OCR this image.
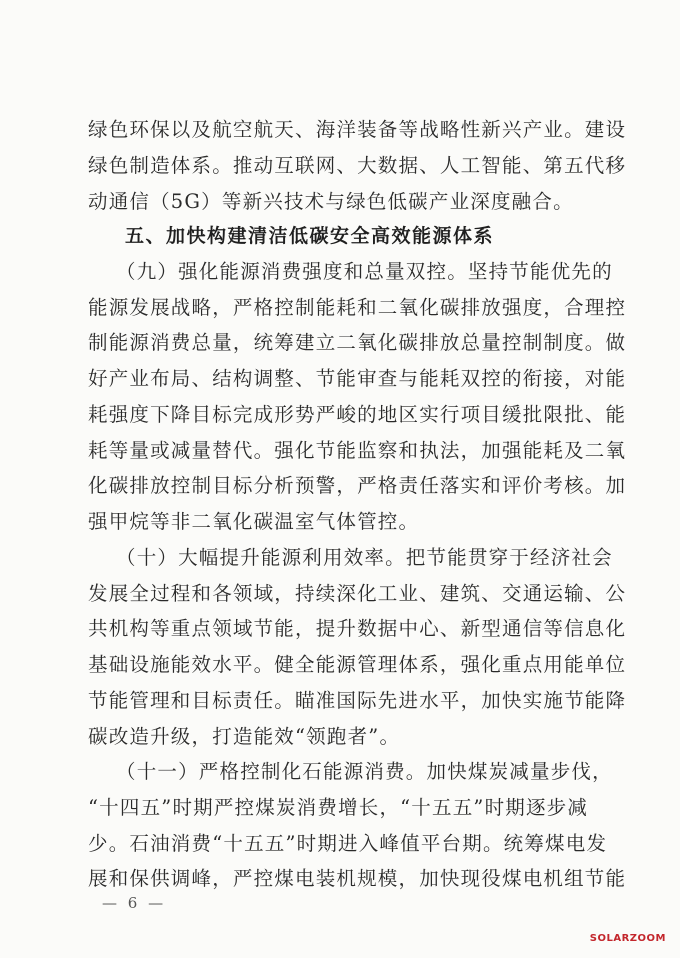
绿色环保以及航空航天、海洋装备等战略性新兴产业。建设
绿色制造体系。推动互联网、大数据、人工智能、第五代移
动通信（5G）等新兴技术与绿色低碳产业深度融合。
五、加快构建清洁低碳安全高效能源体系
（九）强化能源消费强度和总量双控。坚持节能优先的
能源发展战略，严格控制能耗和二氧化碳排放强度，合理控
制能源消费总量，统筹建立二氧化碳排放总量控制制度。做
好产业布局、结构调整、节能审查与能耗双控的衔接，对能
耗强度下降目标完成形势严峻的地区实行项目缓批限批、能
耗等量或减量替代。强化节能监察和执法，加强能耗及二氧
化碳排放控制目标分析预警，严格责任落实和评价考核。加
强甲烷等非二氧化碳温室气体管控。
（十）大幅提升能源利用效率。把节能贯穿于经济社会
发展全过程和各领域，持续深化工业、建筑、交通运输、公
共机构等重点领域节能，提升数据中心、新型通信等信息化
基础设施能效水平。健全能源管理体系，强化重点用能单位
节能管理和目标责任。瞄准国际先进水平，加快实施节能降
碳改造升级，打造能效“领跑者”。
（十一）严格控制化石能源消费。加快煤炭减量步伐，
“十四五”时期严控煤炭消费增长，“十五五”时期逐步减
少。石油消费“十五五”时期进入峰值平台期。统筹煤电发
展和保供调峰，严控煤电装机规模，加快现役煤电机组节能
— 6 —
SOLARZOOM
